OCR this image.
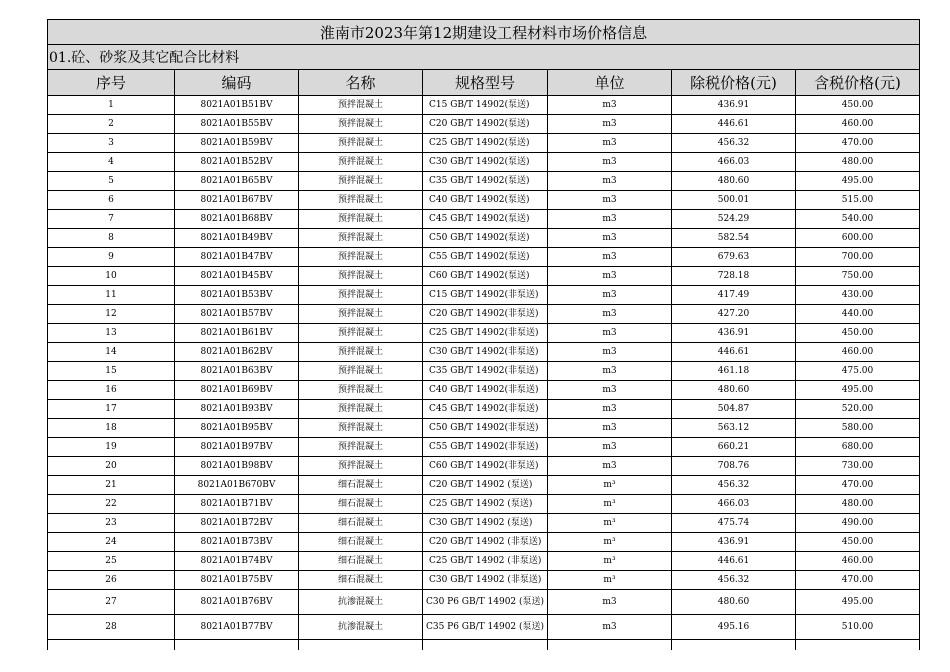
淮南市2023年第12期建设工程材料市场价格信息						
01.砼、砂浆及其它配合比材料						
序号	编码	名称	规格型号	单位	除税价格(元)	含税价格(元)
1	8021A01B51BV	预拌混凝土	C15 GB/T 14902(泵送)	m3	436.91	450.00
2	8021A01B55BV	预拌混凝土	C20 GB/T 14902(泵送)	m3	446.61	460.00
3	8021A01B59BV	预拌混凝土	C25 GB/T 14902(泵送)	m3	456.32	470.00
4	8021A01B52BV	预拌混凝土	C30 GB/T 14902(泵送)	m3	466.03	480.00
5	8021A01B65BV	预拌混凝土	C35 GB/T 14902(泵送)	m3	480.60	495.00
6	8021A01B67BV	预拌混凝土	C40 GB/T 14902(泵送)	m3	500.01	515.00
7	8021A01B68BV	预拌混凝土	C45 GB/T 14902(泵送)	m3	524.29	540.00
8	8021A01B49BV	预拌混凝土	C50 GB/T 14902(泵送)	m3	582.54	600.00
9	8021A01B47BV	预拌混凝土	C55 GB/T 14902(泵送)	m3	679.63	700.00
10	8021A01B45BV	预拌混凝土	C60 GB/T 14902(泵送)	m3	728.18	750.00
11	8021A01B53BV	预拌混凝土	C15 GB/T 14902(非泵送)	m3	417.49	430.00
12	8021A01B57BV	预拌混凝土	C20 GB/T 14902(非泵送)	m3	427.20	440.00
13	8021A01B61BV	预拌混凝土	C25 GB/T 14902(非泵送)	m3	436.91	450.00
14	8021A01B62BV	预拌混凝土	C30 GB/T 14902(非泵送)	m3	446.61	460.00
15	8021A01B63BV	预拌混凝土	C35 GB/T 14902(非泵送)	m3	461.18	475.00
16	8021A01B69BV	预拌混凝土	C40 GB/T 14902(非泵送)	m3	480.60	495.00
17	8021A01B93BV	预拌混凝土	C45 GB/T 14902(非泵送)	m3	504.87	520.00
18	8021A01B95BV	预拌混凝土	C50 GB/T 14902(非泵送)	m3	563.12	580.00
19	8021A01B97BV	预拌混凝土	C55 GB/T 14902(非泵送)	m3	660.21	680.00
20	8021A01B98BV	预拌混凝土	C60 GB/T 14902(非泵送)	m3	708.76	730.00
21	8021A01B670BV	细石混凝土	C20 GB/T 14902 (泵送)	m³	456.32	470.00
22	8021A01B71BV	细石混凝土	C25 GB/T 14902 (泵送)	m³	466.03	480.00
23	8021A01B72BV	细石混凝土	C30 GB/T 14902 (泵送)	m³	475.74	490.00
24	8021A01B73BV	细石混凝土	C20 GB/T 14902 (非泵送)	m³	436.91	450.00
25	8021A01B74BV	细石混凝土	C25 GB/T 14902 (非泵送)	m³	446.61	460.00
26	8021A01B75BV	细石混凝土	C30 GB/T 14902 (非泵送)	m³	456.32	470.00
27	8021A01B76BV	抗渗混凝土	C30 P6 GB/T 14902 (泵送)	m3	480.60	495.00
28	8021A01B77BV	抗渗混凝土	C35 P6 GB/T 14902 (泵送)	m3	495.16	510.00
